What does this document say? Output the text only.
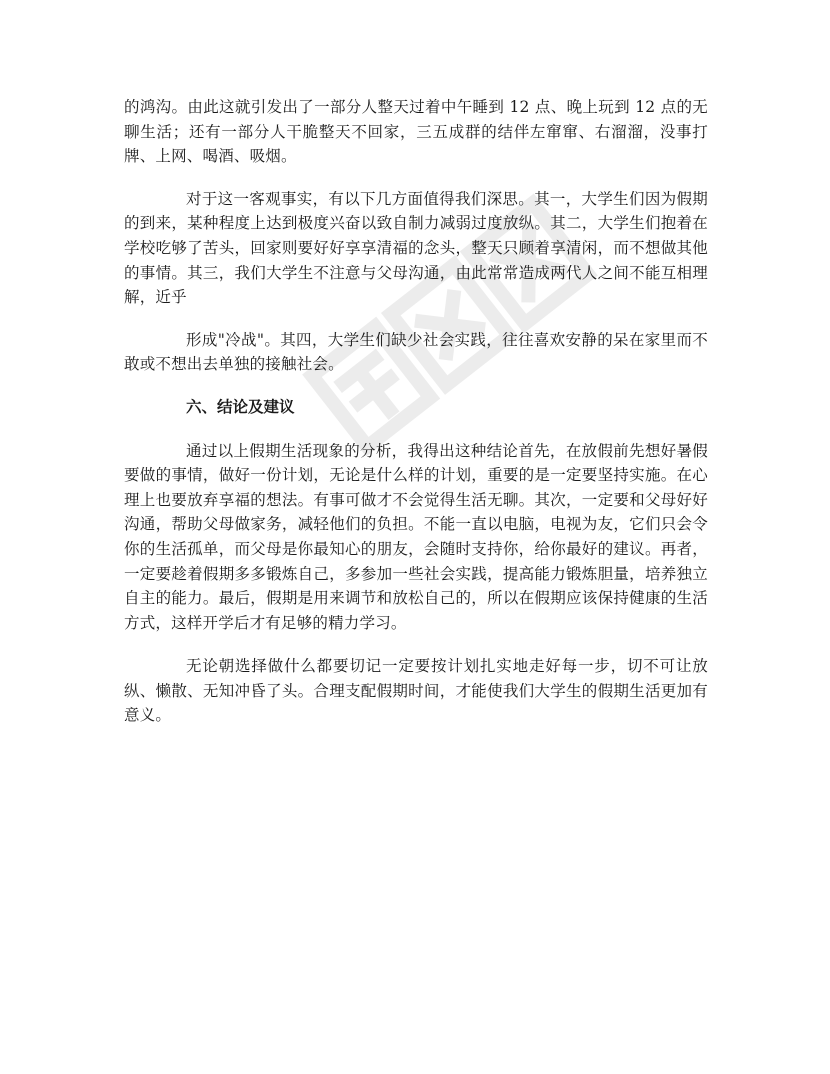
的鸿沟。由此这就引发出了一部分人整天过着中午睡到 12 点、晚上玩到 12 点的无聊生活；还有一部分人干脆整天不回家，三五成群的结伴左窜窜、右溜溜，没事打牌、上网、喝酒、吸烟。

对于这一客观事实，有以下几方面值得我们深思。其一，大学生们因为假期的到来，某种程度上达到极度兴奋以致自制力减弱过度放纵。其二，大学生们抱着在学校吃够了苦头，回家则要好好享享清福的念头，整天只顾着享清闲，而不想做其他的事情。其三，我们大学生不注意与父母沟通，由此常常造成两代人之间不能互相理解，近乎

形成"冷战"。其四，大学生们缺少社会实践，往往喜欢安静的呆在家里而不敢或不想出去单独的接触社会。

六、结论及建议

通过以上假期生活现象的分析，我得出这种结论首先，在放假前先想好暑假要做的事情，做好一份计划，无论是什么样的计划，重要的是一定要坚持实施。在心理上也要放弃享福的想法。有事可做才不会觉得生活无聊。其次，一定要和父母好好沟通，帮助父母做家务，减轻他们的负担。不能一直以电脑，电视为友，它们只会令你的生活孤单，而父母是你最知心的朋友，会随时支持你，给你最好的建议。再者，一定要趁着假期多多锻炼自己，多参加一些社会实践，提高能力锻炼胆量，培养独立自主的能力。最后，假期是用来调节和放松自己的，所以在假期应该保持健康的生活方式，这样开学后才有足够的精力学习。

无论朝选择做什么都要切记一定要按计划扎实地走好每一步，切不可让放纵、懒散、无知冲昏了头。合理支配假期时间，才能使我们大学生的假期生活更加有意义。
